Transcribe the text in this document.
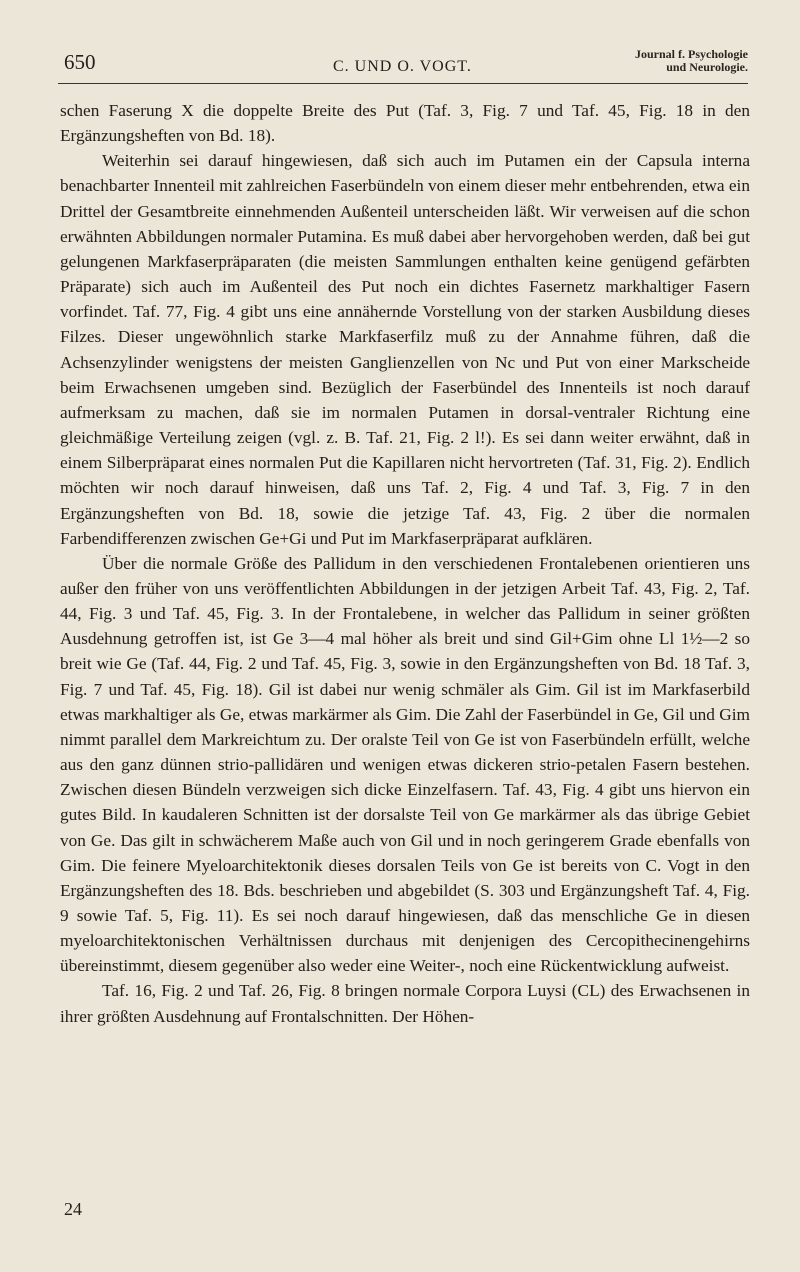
650	C. UND O. VOGT.
Journal f. Psychologie
und Neurologie.

schen Faserung X die doppelte Breite des Put (Taf. 3, Fig. 7 und Taf. 45, Fig. 18 in den Ergänzungsheften von Bd. 18).

Weiterhin sei darauf hingewiesen, daß sich auch im Putamen ein der Capsula interna benachbarter Innenteil mit zahlreichen Faserbündeln von einem dieser mehr entbehrenden, etwa ein Drittel der Gesamtbreite einnehmenden Außenteil unterscheiden läßt. Wir verweisen auf die schon erwähnten Abbildungen normaler Putamina. Es muß dabei aber hervorgehoben werden, daß bei gut gelungenen Markfaserpräparaten (die meisten Sammlungen enthalten keine genügend gefärbten Präparate) sich auch im Außenteil des Put noch ein dichtes Fasernetz markhaltiger Fasern vorfindet. Taf. 77, Fig. 4 gibt uns eine annähernde Vorstellung von der starken Ausbildung dieses Filzes. Dieser ungewöhnlich starke Markfaserfilz muß zu der Annahme führen, daß die Achsenzylinder wenigstens der meisten Ganglienzellen von Nc und Put von einer Markscheide beim Erwachsenen umgeben sind. Bezüglich der Faserbündel des Innenteils ist noch darauf aufmerksam zu machen, daß sie im normalen Putamen in dorsal-ventraler Richtung eine gleichmäßige Verteilung zeigen (vgl. z. B. Taf. 21, Fig. 2 l!). Es sei dann weiter erwähnt, daß in einem Silberpräparat eines normalen Put die Kapillaren nicht hervortreten (Taf. 31, Fig. 2). Endlich möchten wir noch darauf hinweisen, daß uns Taf. 2, Fig. 4 und Taf. 3, Fig. 7 in den Ergänzungsheften von Bd. 18, sowie die jetzige Taf. 43, Fig. 2 über die normalen Farbendifferenzen zwischen Ge+Gi und Put im Markfaserpräparat aufklären.

Über die normale Größe des Pallidum in den verschiedenen Frontalebenen orientieren uns außer den früher von uns veröffentlichten Abbildungen in der jetzigen Arbeit Taf. 43, Fig. 2, Taf. 44, Fig. 3 und Taf. 45, Fig. 3. In der Frontalebene, in welcher das Pallidum in seiner größten Ausdehnung getroffen ist, ist Ge 3—4 mal höher als breit und sind Gil+Gim ohne Ll 1½—2 so breit wie Ge (Taf. 44, Fig. 2 und Taf. 45, Fig. 3, sowie in den Ergänzungsheften von Bd. 18 Taf. 3, Fig. 7 und Taf. 45, Fig. 18). Gil ist dabei nur wenig schmäler als Gim. Gil ist im Markfaserbild etwas markhaltiger als Ge, etwas markärmer als Gim. Die Zahl der Faserbündel in Ge, Gil und Gim nimmt parallel dem Markreichtum zu. Der oralste Teil von Ge ist von Faserbündeln erfüllt, welche aus den ganz dünnen strio-pallidären und wenigen etwas dickeren strio-petalen Fasern bestehen. Zwischen diesen Bündeln verzweigen sich dicke Einzelfasern. Taf. 43, Fig. 4 gibt uns hiervon ein gutes Bild. In kaudaleren Schnitten ist der dorsalste Teil von Ge markärmer als das übrige Gebiet von Ge. Das gilt in schwächerem Maße auch von Gil und in noch geringerem Grade ebenfalls von Gim. Die feinere Myeloarchitektonik dieses dorsalen Teils von Ge ist bereits von C. Vogt in den Ergänzungsheften des 18. Bds. beschrieben und abgebildet (S. 303 und Ergänzungsheft Taf. 4, Fig. 9 sowie Taf. 5, Fig. 11). Es sei noch darauf hingewiesen, daß das menschliche Ge in diesen myeloarchitektonischen Verhältnissen durchaus mit denjenigen des Cercopithecinengehirns übereinstimmt, diesem gegenüber also weder eine Weiter-, noch eine Rückentwicklung aufweist.

Taf. 16, Fig. 2 und Taf. 26, Fig. 8 bringen normale Corpora Luysi (CL) des Erwachsenen in ihrer größten Ausdehnung auf Frontalschnitten. Der Höhen-

24
